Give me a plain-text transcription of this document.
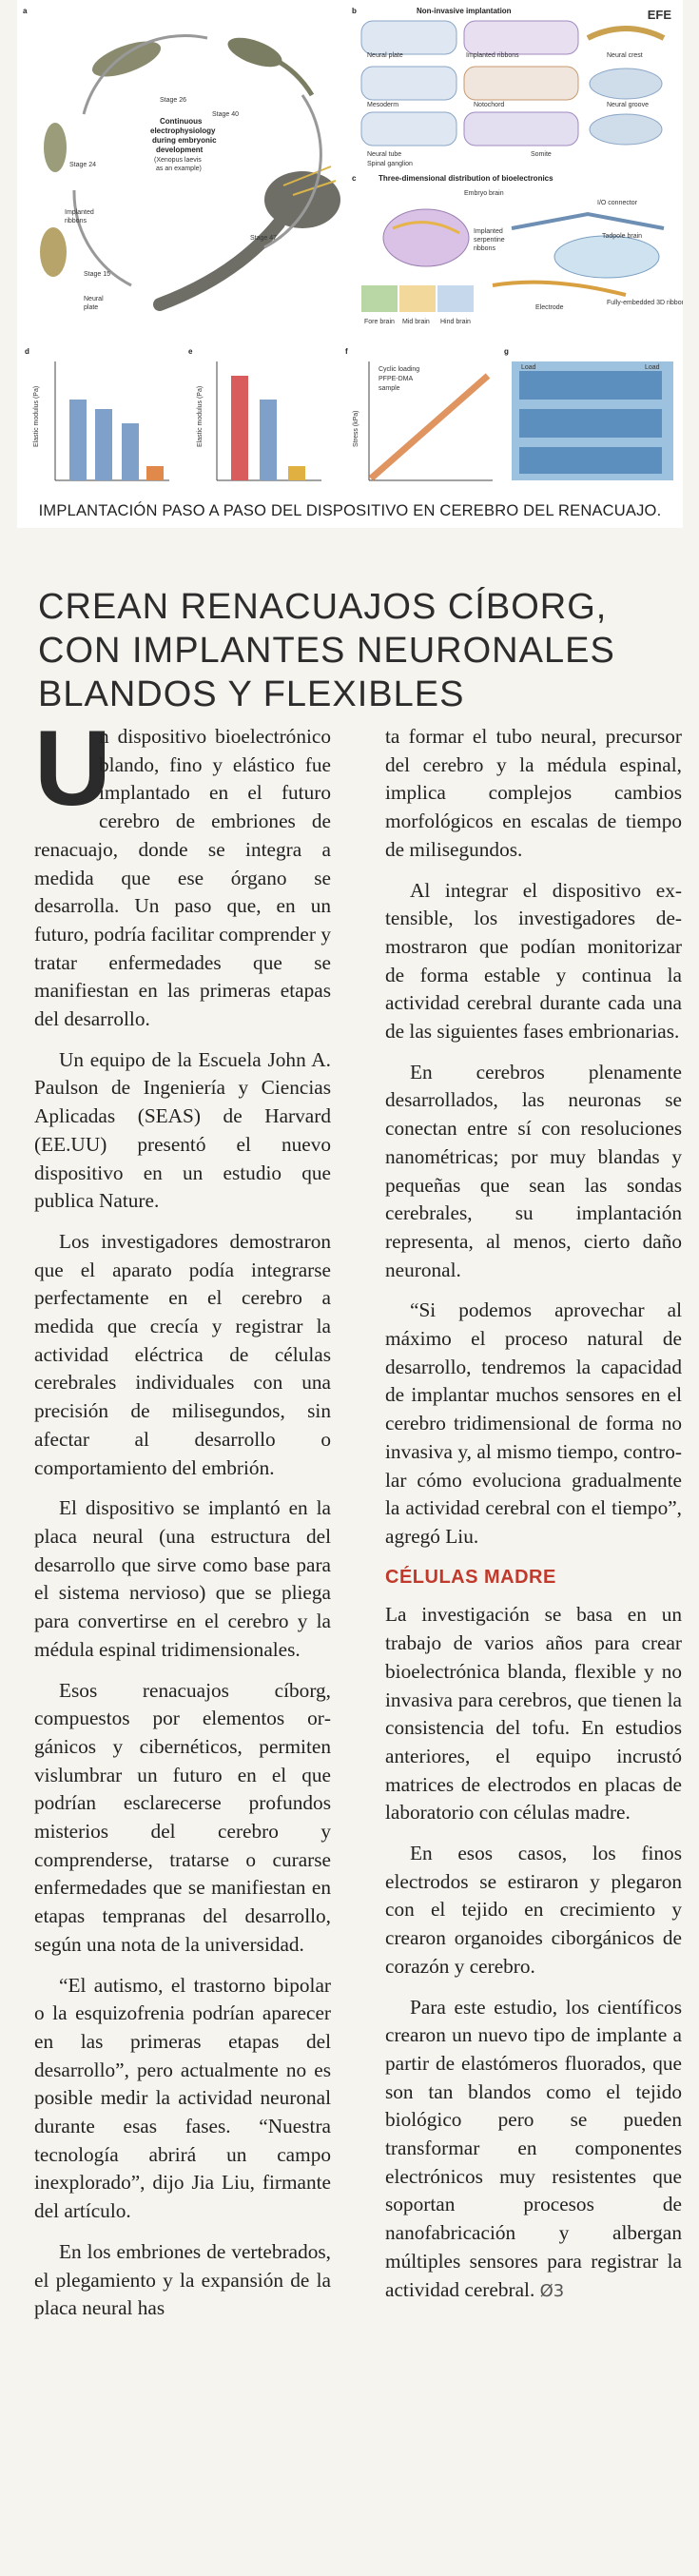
EFE
a
Continuous
electrophysiology
during embryonic
development
(Xenopus laevis
as an example)
Stage 26
Stage 40
Stage 24
Stage 15
Stage 47
Implanted
ribbons
Neural
plate
b	Non-invasive implantation
Neural plate	Implanted ribbons	Neural crest
Mesoderm	Notochord	Neural groove
Neural tube	Somite
Spinal ganglion
c	Three-dimensional distribution of bioelectronics
Embryo brain
I/O connector
Tadpole brain
Implanted
serpentine
ribbons
Fore brain Mid brain Hind brain
Electrode
Fully-embedded 3D ribbons
d
Elastic modulus (Pa)
e
Elastic modulus (Pa)
f
Cyclic loading
PFPE-DMA
sample
Stress (kPa)
g
Load	Load
IMPLANTACIÓN PASO A PASO DEL DISPOSITIVO EN CEREBRO DEL RENACUAJO.
CREAN RENACUAJOS CÍBORG, CON IMPLANTES NEURONALES BLANDOS Y FLEXIBLES

U
n dispositivo bioelectrónico blando, fino y elástico fue implantado en el futuro cerebro de embriones de renacuajo, donde se integra a medida que ese órgano se desarrolla. Un paso que, en un futuro, podría facilitar comprender y tratar enfermedades que se manifiestan en las primeras etapas del desarrollo.

Un equipo de la Escuela John A. Paulson de Ingeniería y Ciencias Aplicadas (SEAS) de Harvard (EE.UU) presentó el nuevo dispositivo en un estudio que publica Nature.

Los investigadores demostraron que el aparato podía integrarse perfectamente en el cerebro a medida que crecía y registrar la actividad eléctrica de células cerebrales individuales con una precisión de milisegundos, sin afectar al desarrollo o comportamiento del embrión.

El dispositivo se implantó en la placa neural (una estructura del desarrollo que sirve como base para el sistema nervioso) que se pliega para convertirse en el cerebro y la médula espinal tridimensionales.

Esos renacuajos cíborg, compuestos por elementos orgánicos y cibernéticos, permiten vislumbrar un futuro en el que podrían esclarecerse profundos misterios del cerebro y comprenderse, tratarse o curarse enfermedades que se manifiestan en etapas tempranas del desarrollo, según una nota de la universidad.

“El autismo, el trastorno bipolar o la esquizofrenia podrían aparecer en las primeras etapas del desarrollo”, pero actualmente no es posible medir la actividad neuronal durante esas fases. “Nuestra tecnología abrirá un campo inexplorado”, dijo Jia Liu, firmante del artículo.

En los embriones de vertebrados, el plegamiento y la expansión de la placa neural has

ta formar el tubo neural, precursor del cerebro y la médula espinal, implica complejos cambios morfológicos en escalas de tiempo de milisegundos.

Al integrar el dispositivo extensible, los investigadores demostraron que podían monitorizar de forma estable y continua la actividad cerebral durante cada una de las siguientes fases embrionarias.

En cerebros plenamente desarrollados, las neuronas se conectan entre sí con resoluciones nanométricas; por muy blandas y pequeñas que sean las sondas cerebrales, su implantación representa, al menos, cierto daño neuronal.

“Si podemos aprovechar al máximo el proceso natural de desarrollo, tendremos la capacidad de implantar muchos sensores en el cerebro tridimensional de forma no invasiva y, al mismo tiempo, controlar cómo evoluciona gradualmente la actividad cerebral con el tiempo”, agregó Liu.

CÉLULAS MADRE

La investigación se basa en un trabajo de varios años para crear bioelectrónica blanda, flexible y no invasiva para cerebros, que tienen la consistencia del tofu. En estudios anteriores, el equipo incrustó matrices de electrodos en placas de laboratorio con células madre.

En esos casos, los finos electrodos se estiraron y plegaron con el tejido en crecimiento y crearon organoides ciborgánicos de corazón y cerebro.

Para este estudio, los científicos crearon un nuevo tipo de implante a partir de elastómeros fluorados, que son tan blandos como el tejido biológico pero se pueden transformar en componentes electrónicos muy resistentes que soportan procesos de nanofabricación y albergan múltiples sensores para registrar la actividad cerebral. Ø3
